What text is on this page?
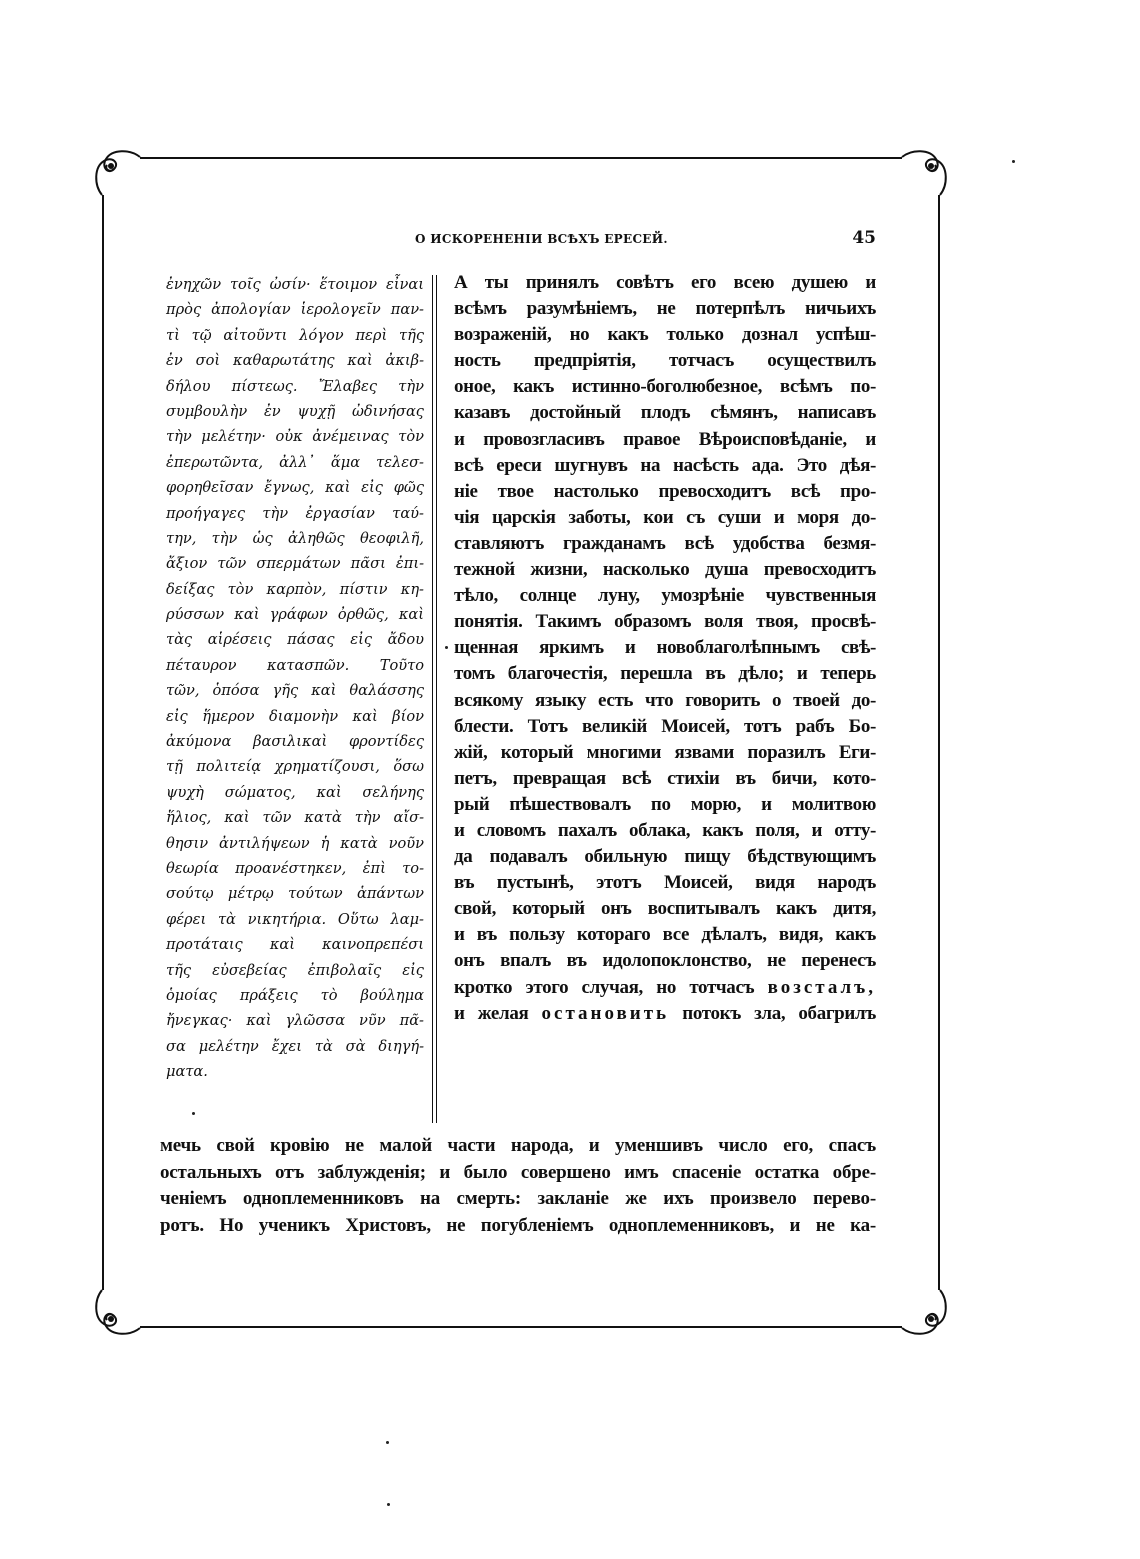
О ИСКОРЕНЕНІИ ВСѢХЪ ЕРЕСЕЙ.	45
ἐνηχῶν τοῖς ὠσίν· ἕτοιμον εἶναι
πρὸς ἀπολογίαν ἱερολογεῖν παν-
τὶ τῷ αἰτοῦντι λόγον περὶ τῆς
ἐν σοὶ καθαρωτάτης καὶ ἀκιβ-
δήλου πίστεως. Ἔλαβες τὴν
συμβουλὴν ἐν ψυχῇ ὠδινήσας
τὴν μελέτην· οὐκ ἀνέμεινας τὸν
ἐπερωτῶντα, ἀλλ᾽ ἅμα τελεσ-
φορηθεῖσαν ἔγνως, καὶ εἰς φῶς
προήγαγες τὴν ἐργασίαν ταύ-
την, τὴν ὡς ἀληθῶς θεοφιλῆ,
ἄξιον τῶν σπερμάτων πᾶσι ἐπι-
δείξας τὸν καρπὸν, πίστιν κη-
ρύσσων καὶ γράφων ὀρθῶς, καὶ
τὰς αἱρέσεις πάσας εἰς ἄδου
πέταυρον κατασπῶν. Τοῦτο
τῶν, ὁπόσα γῆς καὶ θαλάσσης
εἰς ἥμερον διαμονὴν καὶ βίον
ἀκύμονα βασιλικαὶ φροντίδες
τῇ πολιτείᾳ χρηματίζουσι, ὅσω
ψυχὴ σώματος, καὶ σελήνης
ἥλιος, καὶ τῶν κατὰ τὴν αἴσ-
θησιν ἀντιλήψεων ἡ κατὰ νοῦν
θεωρία προανέστηκεν, ἐπὶ το-
σούτῳ μέτρῳ τούτων ἁπάντων
φέρει τὰ νικητήρια. Οὕτω λαμ-
προτάταις καὶ καινοπρεπέσι
τῆς εὐσεβείας ἐπιβολαῖς εἰς
ὁμοίας πράξεις τὸ βούλημα
ἤνεγκας· καὶ γλῶσσα νῦν πᾶ-
σα μελέτην ἔχει τὰ σὰ διηγή-
ματα.
А ты принялъ совѣтъ его всею душею и
всѣмъ разумѣніемъ, не потерпѣлъ ничьихъ
возраженій, но какъ только дознал успѣш-
ность предпріятія, тотчасъ осуществилъ
оное, какъ истинно-боголюбезное, всѣмъ по-
казавъ достойный плодъ сѣмянъ, написавъ
и провозгласивъ правое Вѣроисповѣданіе, и
всѣ ереси шугнувъ на насѣсть ада. Это дѣя-
ніе твое настолько превосходитъ всѣ про-
чія царскія заботы, кои съ суши и моря до-
ставляютъ гражданамъ всѣ удобства безмя-
тежной жизни, насколько душа превосходитъ
тѣло, солнце луну, умозрѣніе чувственныя
понятія. Такимъ образомъ воля твоя, просвѣ-
щенная яркимъ и новоблаголѣпнымъ свѣ-
томъ благочестія, перешла въ дѣло; и теперь
всякому языку есть что говорить о твоей до-
блести. Тотъ великій Моисей, тотъ рабъ Бо-
жій, который многими язвами поразилъ Еги-
петъ, превращая всѣ стихіи въ бичи, кото-
рый пѣшествовалъ по морю, и молитвою
и словомъ пахалъ облака, какъ поля, и отту-
да подавалъ обильную пищу бѣдствующимъ
въ пустынѣ, этотъ Моисей, видя народъ
свой, который онъ воспитывалъ какъ дитя,
и въ пользу котораго все дѣлалъ, видя, какъ
онъ впалъ въ идолопоклонство, не перенесъ
кротко этого случая, но тотчасъ возсталъ,
и желая остановить потокъ зла, обагрилъ
мечь свой кровію не малой части народа, и уменшивъ число его, спасъ
остальныхъ отъ заблужденія; и было совершено имъ спасеніе остатка обре-
ченіемъ одноплеменниковъ на смерть: закланіе же ихъ произвело перево-
ротъ. Но ученикъ Христовъ, не погубленіемъ одноплеменниковъ, и не ка-
